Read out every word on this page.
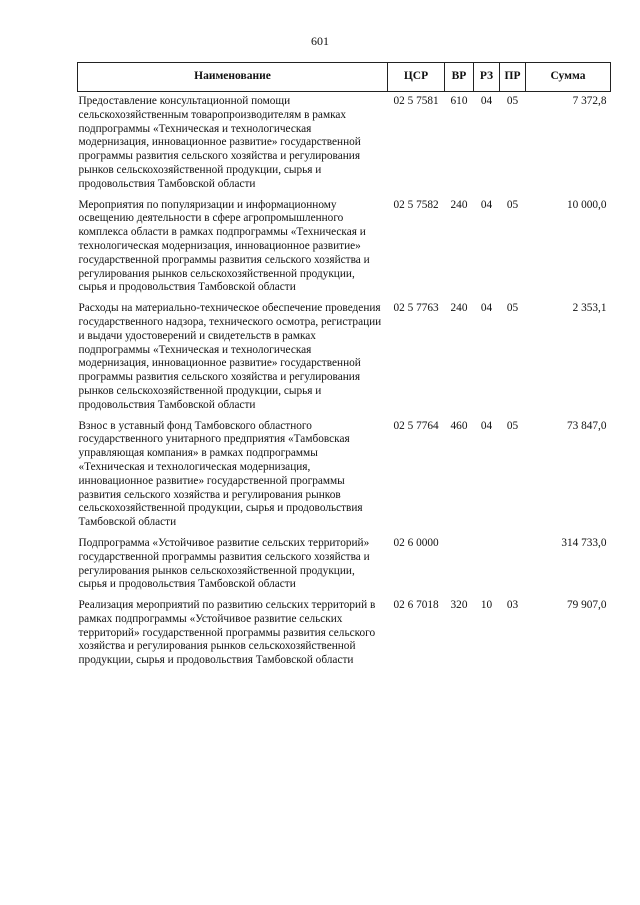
601
Наименование	ЦСР	ВР	РЗ	ПР	Сумма
Предоставление консультационной помощи сельскохозяйственным товаропроизводителям в рамках подпрограммы «Техническая и технологическая модернизация, инновационное развитие» государственной программы развития сельского хозяйства и регулирования рынков сельскохозяйственной продукции, сырья и продовольствия Тамбовской области	02 5 7581	610	04	05	7 372,8
Мероприятия по популяризации и информационному освещению деятельности в сфере агропромышленного комплекса области в рамках подпрограммы «Техническая и технологическая модернизация, инновационное развитие» государственной программы развития сельского хозяйства и регулирования рынков сельскохозяйственной продукции, сырья и продовольствия Тамбовской области	02 5 7582	240	04	05	10 000,0
Расходы на материально-техническое обеспечение проведения государственного надзора, технического осмотра, регистрации и выдачи удостоверений и свидетельств в рамках подпрограммы «Техническая и технологическая модернизация, инновационное развитие» государственной программы развития сельского хозяйства и регулирования рынков сельскохозяйственной продукции, сырья и продовольствия Тамбовской области	02 5 7763	240	04	05	2 353,1
Взнос в уставный фонд Тамбовского областного государственного унитарного предприятия «Тамбовская управляющая компания» в рамках подпрограммы «Техническая и технологическая модернизация, инновационное развитие» государственной программы развития сельского хозяйства и регулирования рынков сельскохозяйственной продукции, сырья и продовольствия Тамбовской области	02 5 7764	460	04	05	73 847,0
Подпрограмма «Устойчивое развитие сельских территорий» государственной программы развития сельского хозяйства и регулирования рынков сельскохозяйственной продукции, сырья и продовольствия Тамбовской области	02 6 0000				314 733,0
Реализация мероприятий по развитию сельских территорий в рамках подпрограммы «Устойчивое развитие сельских территорий» государственной программы развития сельского хозяйства и регулирования рынков сельскохозяйственной продукции, сырья и продовольствия Тамбовской области	02 6 7018	320	10	03	79 907,0
